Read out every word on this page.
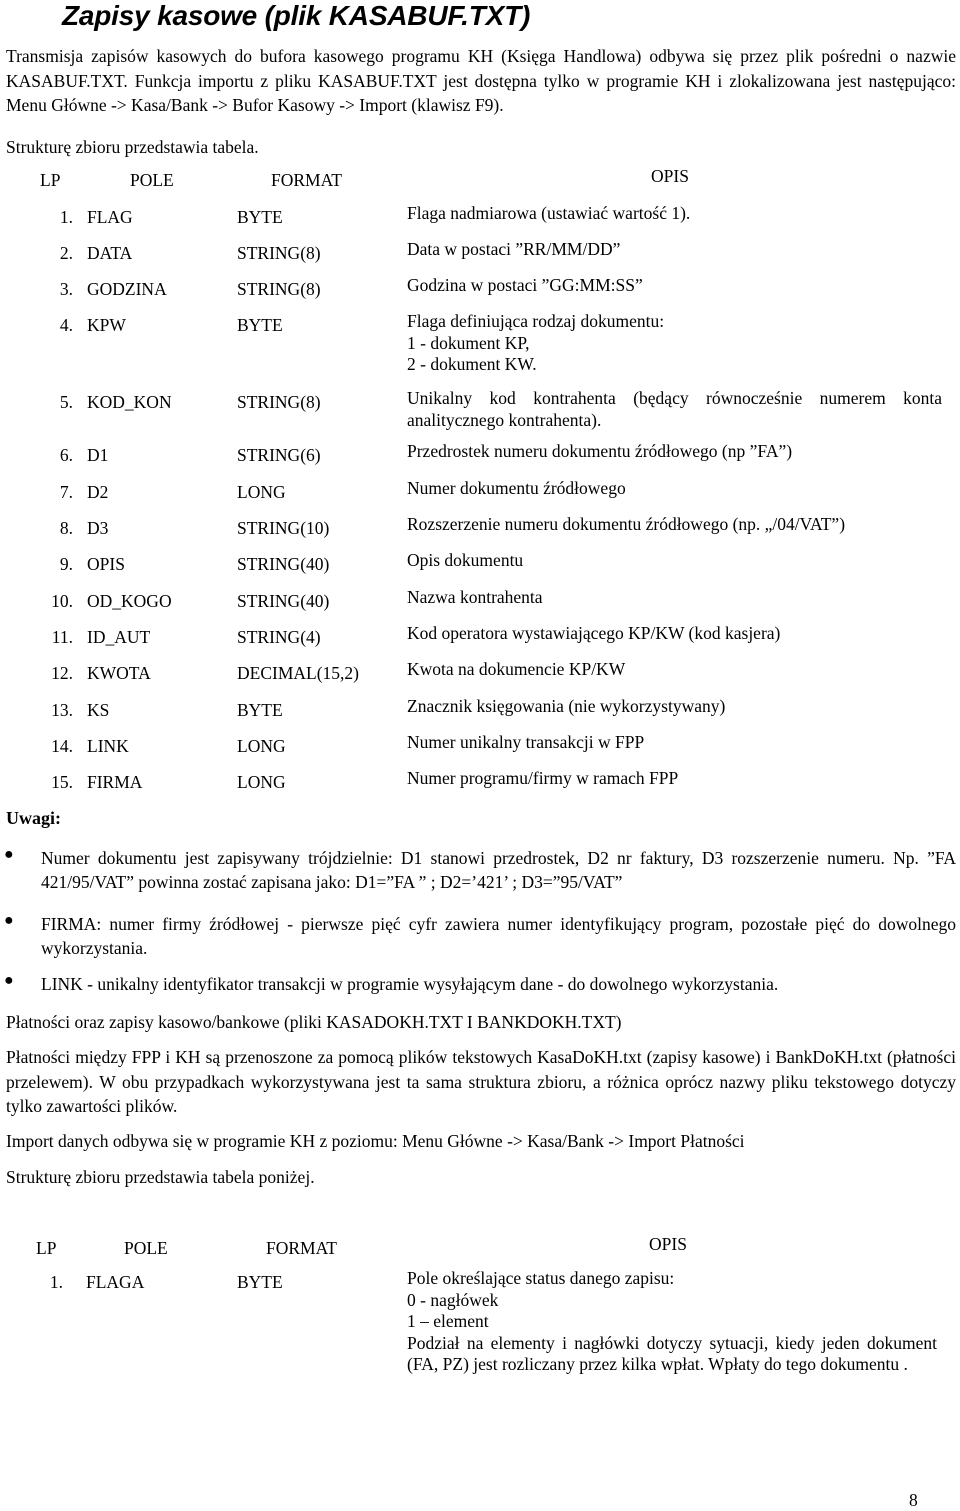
Zapisy kasowe (plik KASABUF.TXT)

Transmisja zapisów kasowych do bufora kasowego programu KH (Księga Handlowa) odbywa się przez plik pośredni o nazwie KASABUF.TXT. Funkcja importu z pliku KASABUF.TXT jest dostępna tylko w programie KH i zlokalizowana jest następująco: Menu Główne -> Kasa/Bank -> Bufor Kasowy -> Import (klawisz F9).

Strukturę zbioru przedstawia tabela.

LP	POLE	FORMAT	OPIS
1. FLAG	BYTE	Flaga nadmiarowa (ustawiać wartość 1).

2. DATA	STRING(8)	Data w postaci ”RR/MM/DD”

3. GODZINA	STRING(8)	Godzina w postaci ”GG:MM:SS”

4. KPW	BYTE	Flaga definiująca rodzaj dokumentu:

1 - dokument KP,

2 - dokument KW.

5. KOD_KON	STRING(8)	Unikalny kod kontrahenta (będący równocześnie numerem konta analitycznego kontrahenta).

6. D1	STRING(6)	Przedrostek numeru dokumentu źródłowego (np ”FA”)

7. D2	LONG	Numer dokumentu źródłowego

8. D3	STRING(10)	Rozszerzenie numeru dokumentu źródłowego (np. „/04/VAT”)

9. OPIS	STRING(40)	Opis dokumentu

10. OD_KOGO	STRING(40)	Nazwa kontrahenta

11. ID_AUT	STRING(4)	Kod operatora wystawiającego KP/KW (kod kasjera)

12. KWOTA	DECIMAL(15,2)	Kwota na dokumencie KP/KW

13. KS	BYTE	Znacznik księgowania (nie wykorzystywany)

14. LINK	LONG	Numer unikalny transakcji w FPP

15. FIRMA	LONG	Numer programu/firmy w ramach FPP

Uwagi:

● Numer dokumentu jest zapisywany trójdzielnie: D1 stanowi przedrostek, D2 nr faktury, D3 rozszerzenie numeru. Np. ”FA 421/95/VAT” powinna zostać zapisana jako: D1=”FA ” ; D2=’421’ ; D3=”95/VAT”
● FIRMA: numer firmy źródłowej - pierwsze pięć cyfr zawiera numer identyfikujący program, pozostałe pięć do dowolnego wykorzystania.
● LINK - unikalny identyfikator transakcji w programie wysyłającym dane - do dowolnego wykorzystania.

Płatności oraz zapisy kasowo/bankowe (pliki KASADOKH.TXT I BANKDOKH.TXT)

Płatności między FPP i KH są przenoszone za pomocą plików tekstowych KasaDoKH.txt (zapisy kasowe) i BankDoKH.txt (płatności przelewem). W obu przypadkach wykorzystywana jest ta sama struktura zbioru, a różnica oprócz nazwy pliku tekstowego dotyczy tylko zawartości plików.

Import danych odbywa się w programie KH z poziomu: Menu Główne -> Kasa/Bank -> Import Płatności

Strukturę zbioru przedstawia tabela poniżej.

LP	POLE	FORMAT	OPIS
1. FLAGA	BYTE	Pole określające status danego zapisu:

0 - nagłówek

1 – element

Podział na elementy i nagłówki dotyczy sytuacji, kiedy jeden dokument (FA, PZ) jest rozliczany przez kilka wpłat. Wpłaty do tego dokumentu .

8
